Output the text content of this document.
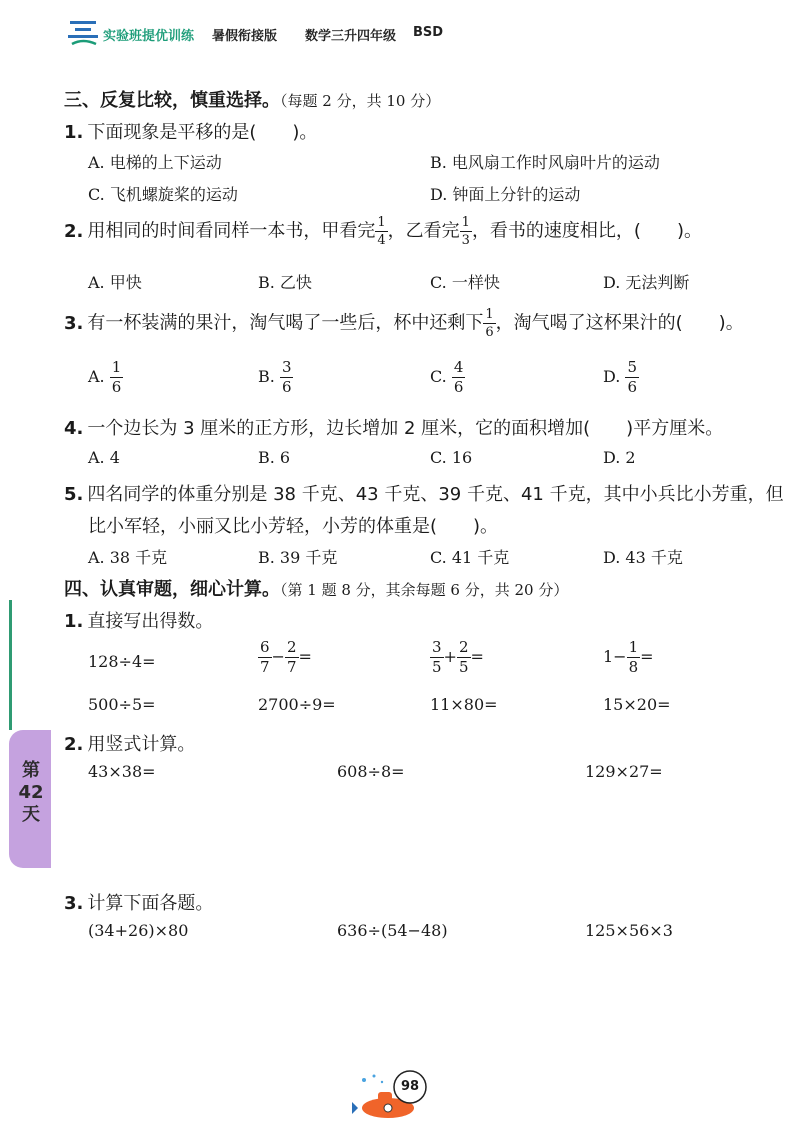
实验班提优训练 暑假衔接版 数学三升四年级 BSD
三、反复比较，慎重选择。（每题 2 分，共 10 分）
1. 下面现象是平移的是(　　)。
A. 电梯的上下运动	B. 电风扇工作时风扇叶片的运动
C. 飞机螺旋桨的运动	D. 钟面上分针的运动
2. 用相同的时间看同样一本书，甲看完 $\frac{1}{4}$ ，乙看完 $\frac{1}{3}$ ，看书的速度相比，(　　)。
A. 甲快	B. 乙快	C. 一样快	D. 无法判断
3. 有一杯装满的果汁，淘气喝了一些后，杯中还剩下 $\frac{1}{6}$ ，淘气喝了这杯果汁的(　　)。
A. $\frac{1}{6}$	B. $\frac{3}{6}$	C. $\frac{4}{6}$	D. $\frac{5}{6}$
4. 一个边长为 3 厘米的正方形，边长增加 2 厘米，它的面积增加(　　)平方厘米。
A. 4	B. 6	C. 16	D. 2
5. 四名同学的体重分别是 38 千克、43 千克、39 千克、41 千克，其中小兵比小芳重，但
比小军轻，小丽又比小芳轻，小芳的体重是(　　)。
A. 38 千克	B. 39 千克	C. 41 千克	D. 43 千克
四、认真审题，细心计算。（第 1 题 8 分，其余每题 6 分，共 20 分）
1. 直接写出得数。
128÷4=	$\frac{6}{7} - \frac{2}{7}$ =	$\frac{3}{5} + \frac{2}{5}$ =	$1- \frac{1}{8}$ =
500÷5=	2700÷9=	11×80=	15×20=
2. 用竖式计算。
43×38=	608÷8=	129×27=
3. 计算下面各题。
(34+26)×80	636÷(54−48)	125×56×3
第
42
天
98
